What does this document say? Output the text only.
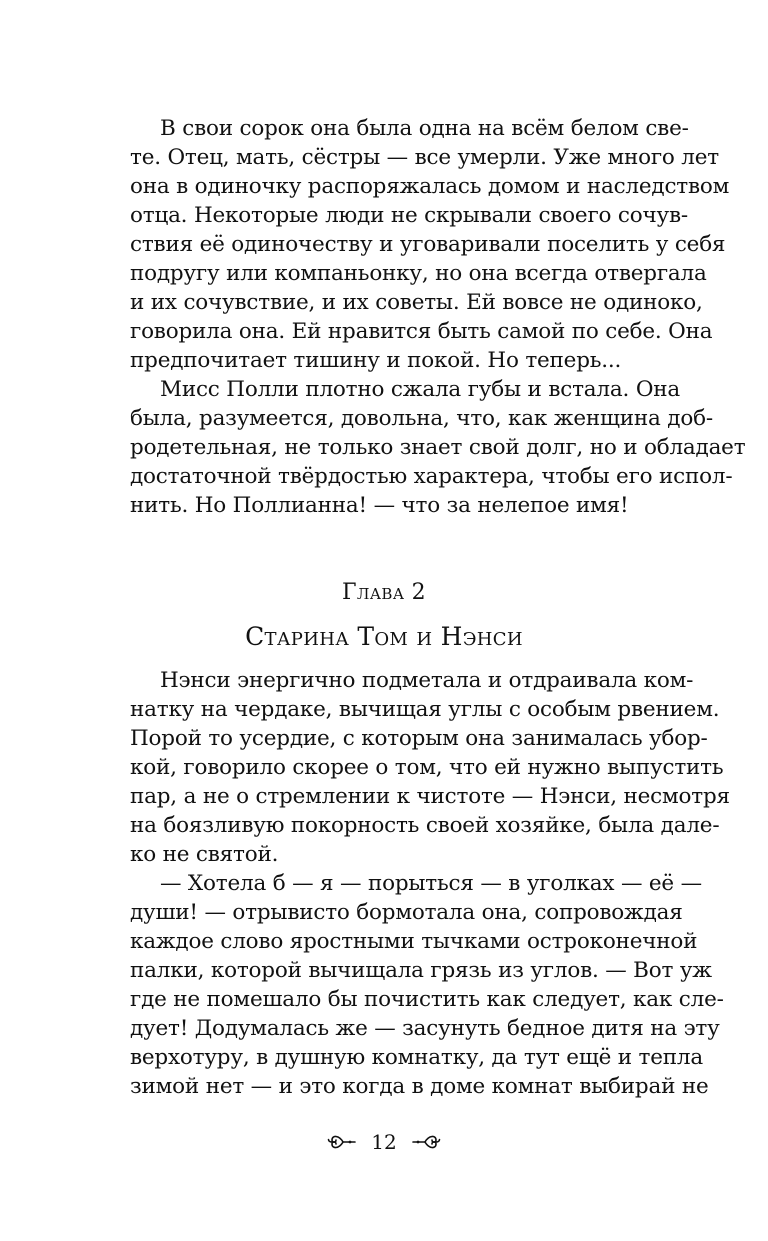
В свои сорок она была одна на всём белом све-
те. Отец, мать, сёстры — все умерли. Уже много лет
она в одиночку распоряжалась домом и наследством
отца. Некоторые люди не скрывали своего сочув-
ствия её одиночеству и уговаривали поселить у себя
подругу или компаньонку, но она всегда отвергала
и их сочувствие, и их советы. Ей вовсе не одиноко,
говорила она. Ей нравится быть самой по себе. Она
предпочитает тишину и покой. Но теперь...
Мисс Полли плотно сжала губы и встала. Она
была, разумеется, довольна, что, как женщина доб-
родетельная, не только знает свой долг, но и обладает
достаточной твёрдостью характера, чтобы его испол-
нить. Но Поллианна! — что за нелепое имя!
Глава 2
Старина Том и Нэнси
Нэнси энергично подметала и отдраивала ком-
натку на чердаке, вычищая углы с особым рвением.
Порой то усердие, с которым она занималась убор-
кой, говорило скорее о том, что ей нужно выпустить
пар, а не о стремлении к чистоте — Нэнси, несмотря
на боязливую покорность своей хозяйке, была дале-
ко не святой.
— Хотела б — я — порыться — в уголках — её —
души! — отрывисто бормотала она, сопровождая
каждое слово яростными тычками остроконечной
палки, которой вычищала грязь из углов. — Вот уж
где не помешало бы почистить как следует, как сле-
дует! Додумалась же — засунуть бедное дитя на эту
верхотуру, в душную комнатку, да тут ещё и тепла
зимой нет — и это когда в доме комнат выбирай не
12
